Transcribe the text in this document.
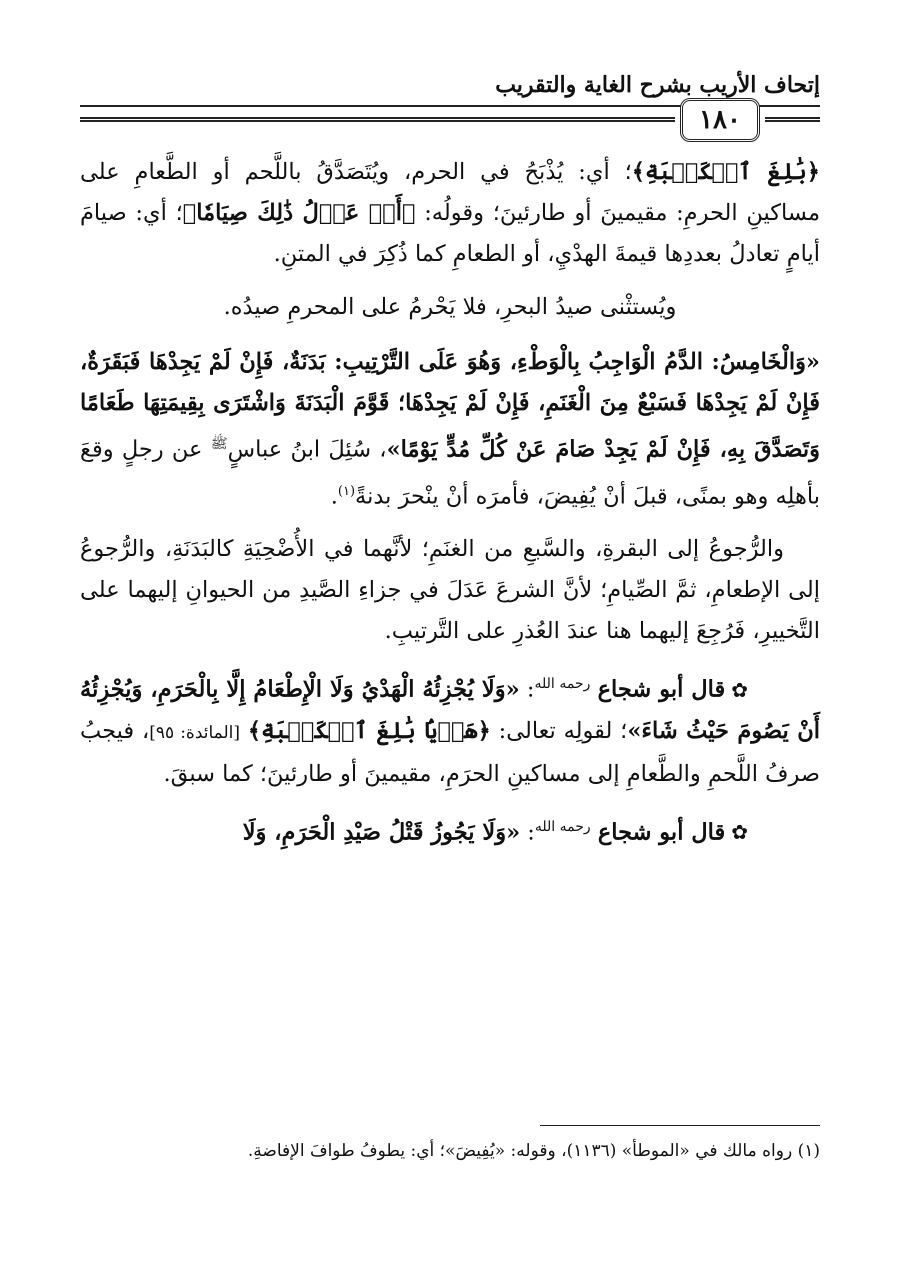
إتحاف الأريب بشرح الغاية والتقريب
١٨٠

﴿بَٰلِغَ ٱلۡكَعۡبَةِ﴾؛ أي: يُذْبَحُ في الحرم، ويُتَصَدَّقُ باللَّحم أو الطَّعامِ على مساكينِ الحرمِ: مقيمينَ أو طارئينَ؛ وقولُه: ﴿أَوۡ عَدۡلُ ذَٰلِكَ صِيَامٗا﴾؛ أي: صيامَ أيامٍ تعادلُ بعددِها قيمةَ الهدْيِ، أو الطعامِ كما ذُكِرَ في المتنِ.

ويُستثْنى صيدُ البحرِ، فلا يَحْرمُ على المحرمِ صيدُه.

«وَالْخَامِسُ: الدَّمُ الْوَاجِبُ بِالْوَطْءِ، وَهُوَ عَلَى التَّرْتِيبِ: بَدَنَةٌ، فَإِنْ لَمْ يَجِدْهَا فَبَقَرَةٌ، فَإِنْ لَمْ يَجِدْهَا فَسَبْعٌ مِنَ الْغَنَمِ، فَإِنْ لَمْ يَجِدْهَا؛ قَوَّمَ الْبَدَنَةَ وَاشْتَرَى بِقِيمَتِهَا طَعَامًا وَتَصَدَّقَ بِهِ، فَإِنْ لَمْ يَجِدْ صَامَ عَنْ كُلِّ مُدٍّ يَوْمًا»، سُئِلَ ابنُ عباسٍ$^ﷺ$ عن رجلٍ وقعَ بأهلِه وهو بمنًى، قبلَ أنْ يُفِيضَ، فأمرَه أنْ ينْحرَ بدنةً$^{(١)}$.

والرُّجوعُ إلى البقرةِ، والسَّبعِ من الغنَمِ؛ لأنَّهما في الأُضْحِيَةِ كالبَدَنَةِ، والرُّجوعُ إلى الإطعامِ، ثمَّ الصِّيامِ؛ لأنَّ الشرعَ عَدَلَ في جزاءِ الصَّيدِ من الحيوانِ إليهما على التَّخييرِ، فَرُجِعَ إليهما هنا عندَ العُذرِ على التَّرتيبِ.

✿قال أبو شجاع $^{رحمه الله}$: «وَلَا يُجْزِئُهُ الْهَدْيُ وَلَا الْإِطْعَامُ إِلَّا بِالْحَرَمِ، وَيُجْزِئُهُ أَنْ يَصُومَ حَيْثُ شَاءَ»؛ لقولِه تعالى: ﴿هَدۡيَۢا بَٰلِغَ ٱلۡكَعۡبَةِ﴾ [المائدة: ٩٥]، فيجبُ صرفُ اللَّحمِ والطَّعامِ إلى مساكينِ الحرَمِ، مقيمينَ أو طارئينَ؛ كما سبقَ.

✿قال أبو شجاع $^{رحمه الله}$: «وَلَا يَجُوزُ قَتْلُ صَيْدِ الْحَرَمِ، وَلَا

(١) رواه مالك في «الموطأ» (١١٣٦)، وقوله: «يُفِيضَ»؛ أي: يطوفُ طوافَ الإفاضةِ.
